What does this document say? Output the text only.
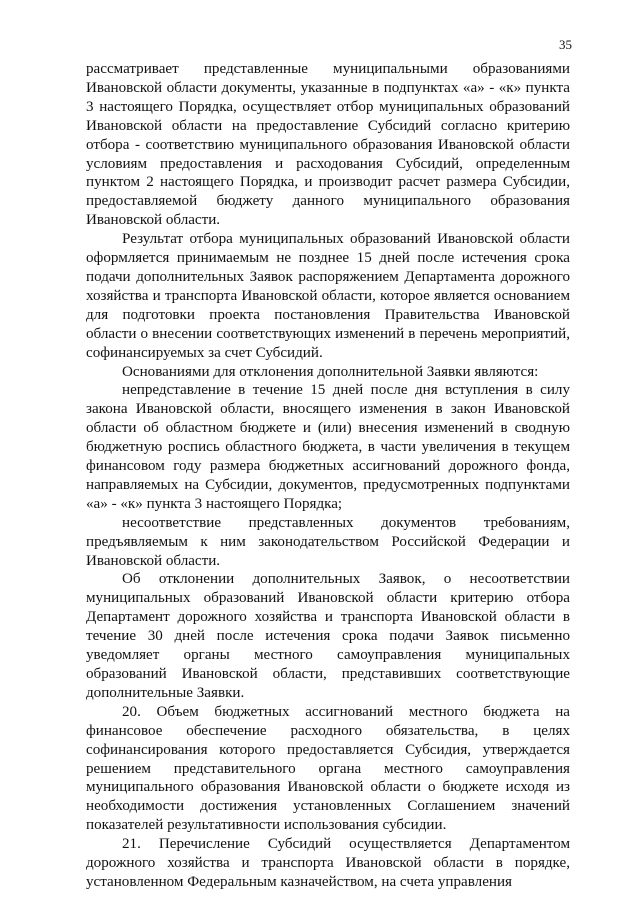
35

рассматривает представленные муниципальными образованиями Ивановской области документы, указанные в подпунктах «а» - «к» пункта 3 настоящего Порядка, осуществляет отбор муниципальных образований Ивановской области на предоставление Субсидий согласно критерию отбора - соответствию муниципального образования Ивановской области условиям предоставления и расходования Субсидий, определенным пунктом 2 настоящего Порядка, и производит расчет размера Субсидии, предоставляемой бюджету данного муниципального образования Ивановской области.

Результат отбора муниципальных образований Ивановской области оформляется принимаемым не позднее 15 дней после истечения срока подачи дополнительных Заявок распоряжением Департамента дорожного хозяйства и транспорта Ивановской области, которое является основанием для подготовки проекта постановления Правительства Ивановской области о внесении соответствующих изменений в перечень мероприятий, софинансируемых за счет Субсидий.

Основаниями для отклонения дополнительной Заявки являются:

непредставление в течение 15 дней после дня вступления в силу закона Ивановской области, вносящего изменения в закон Ивановской области об областном бюджете и (или) внесения изменений в сводную бюджетную роспись областного бюджета, в части увеличения в текущем финансовом году размера бюджетных ассигнований дорожного фонда, направляемых на Субсидии, документов, предусмотренных подпунктами «а» - «к» пункта 3 настоящего Порядка;

несоответствие представленных документов требованиям, предъявляемым к ним законодательством Российской Федерации и Ивановской области.

Об отклонении дополнительных Заявок, о несоответствии муниципальных образований Ивановской области критерию отбора Департамент дорожного хозяйства и транспорта Ивановской области в течение 30 дней после истечения срока подачи Заявок письменно уведомляет органы местного самоуправления муниципальных образований Ивановской области, представивших соответствующие дополнительные Заявки.

20. Объем бюджетных ассигнований местного бюджета на финансовое обеспечение расходного обязательства, в целях софинансирования которого предоставляется Субсидия, утверждается решением представительного органа местного самоуправления муниципального образования Ивановской области о бюджете исходя из необходимости достижения установленных Соглашением значений показателей результативности использования субсидии.

21. Перечисление Субсидий осуществляется Департаментом дорожного хозяйства и транспорта Ивановской области в порядке, установленном Федеральным казначейством, на счета управления
